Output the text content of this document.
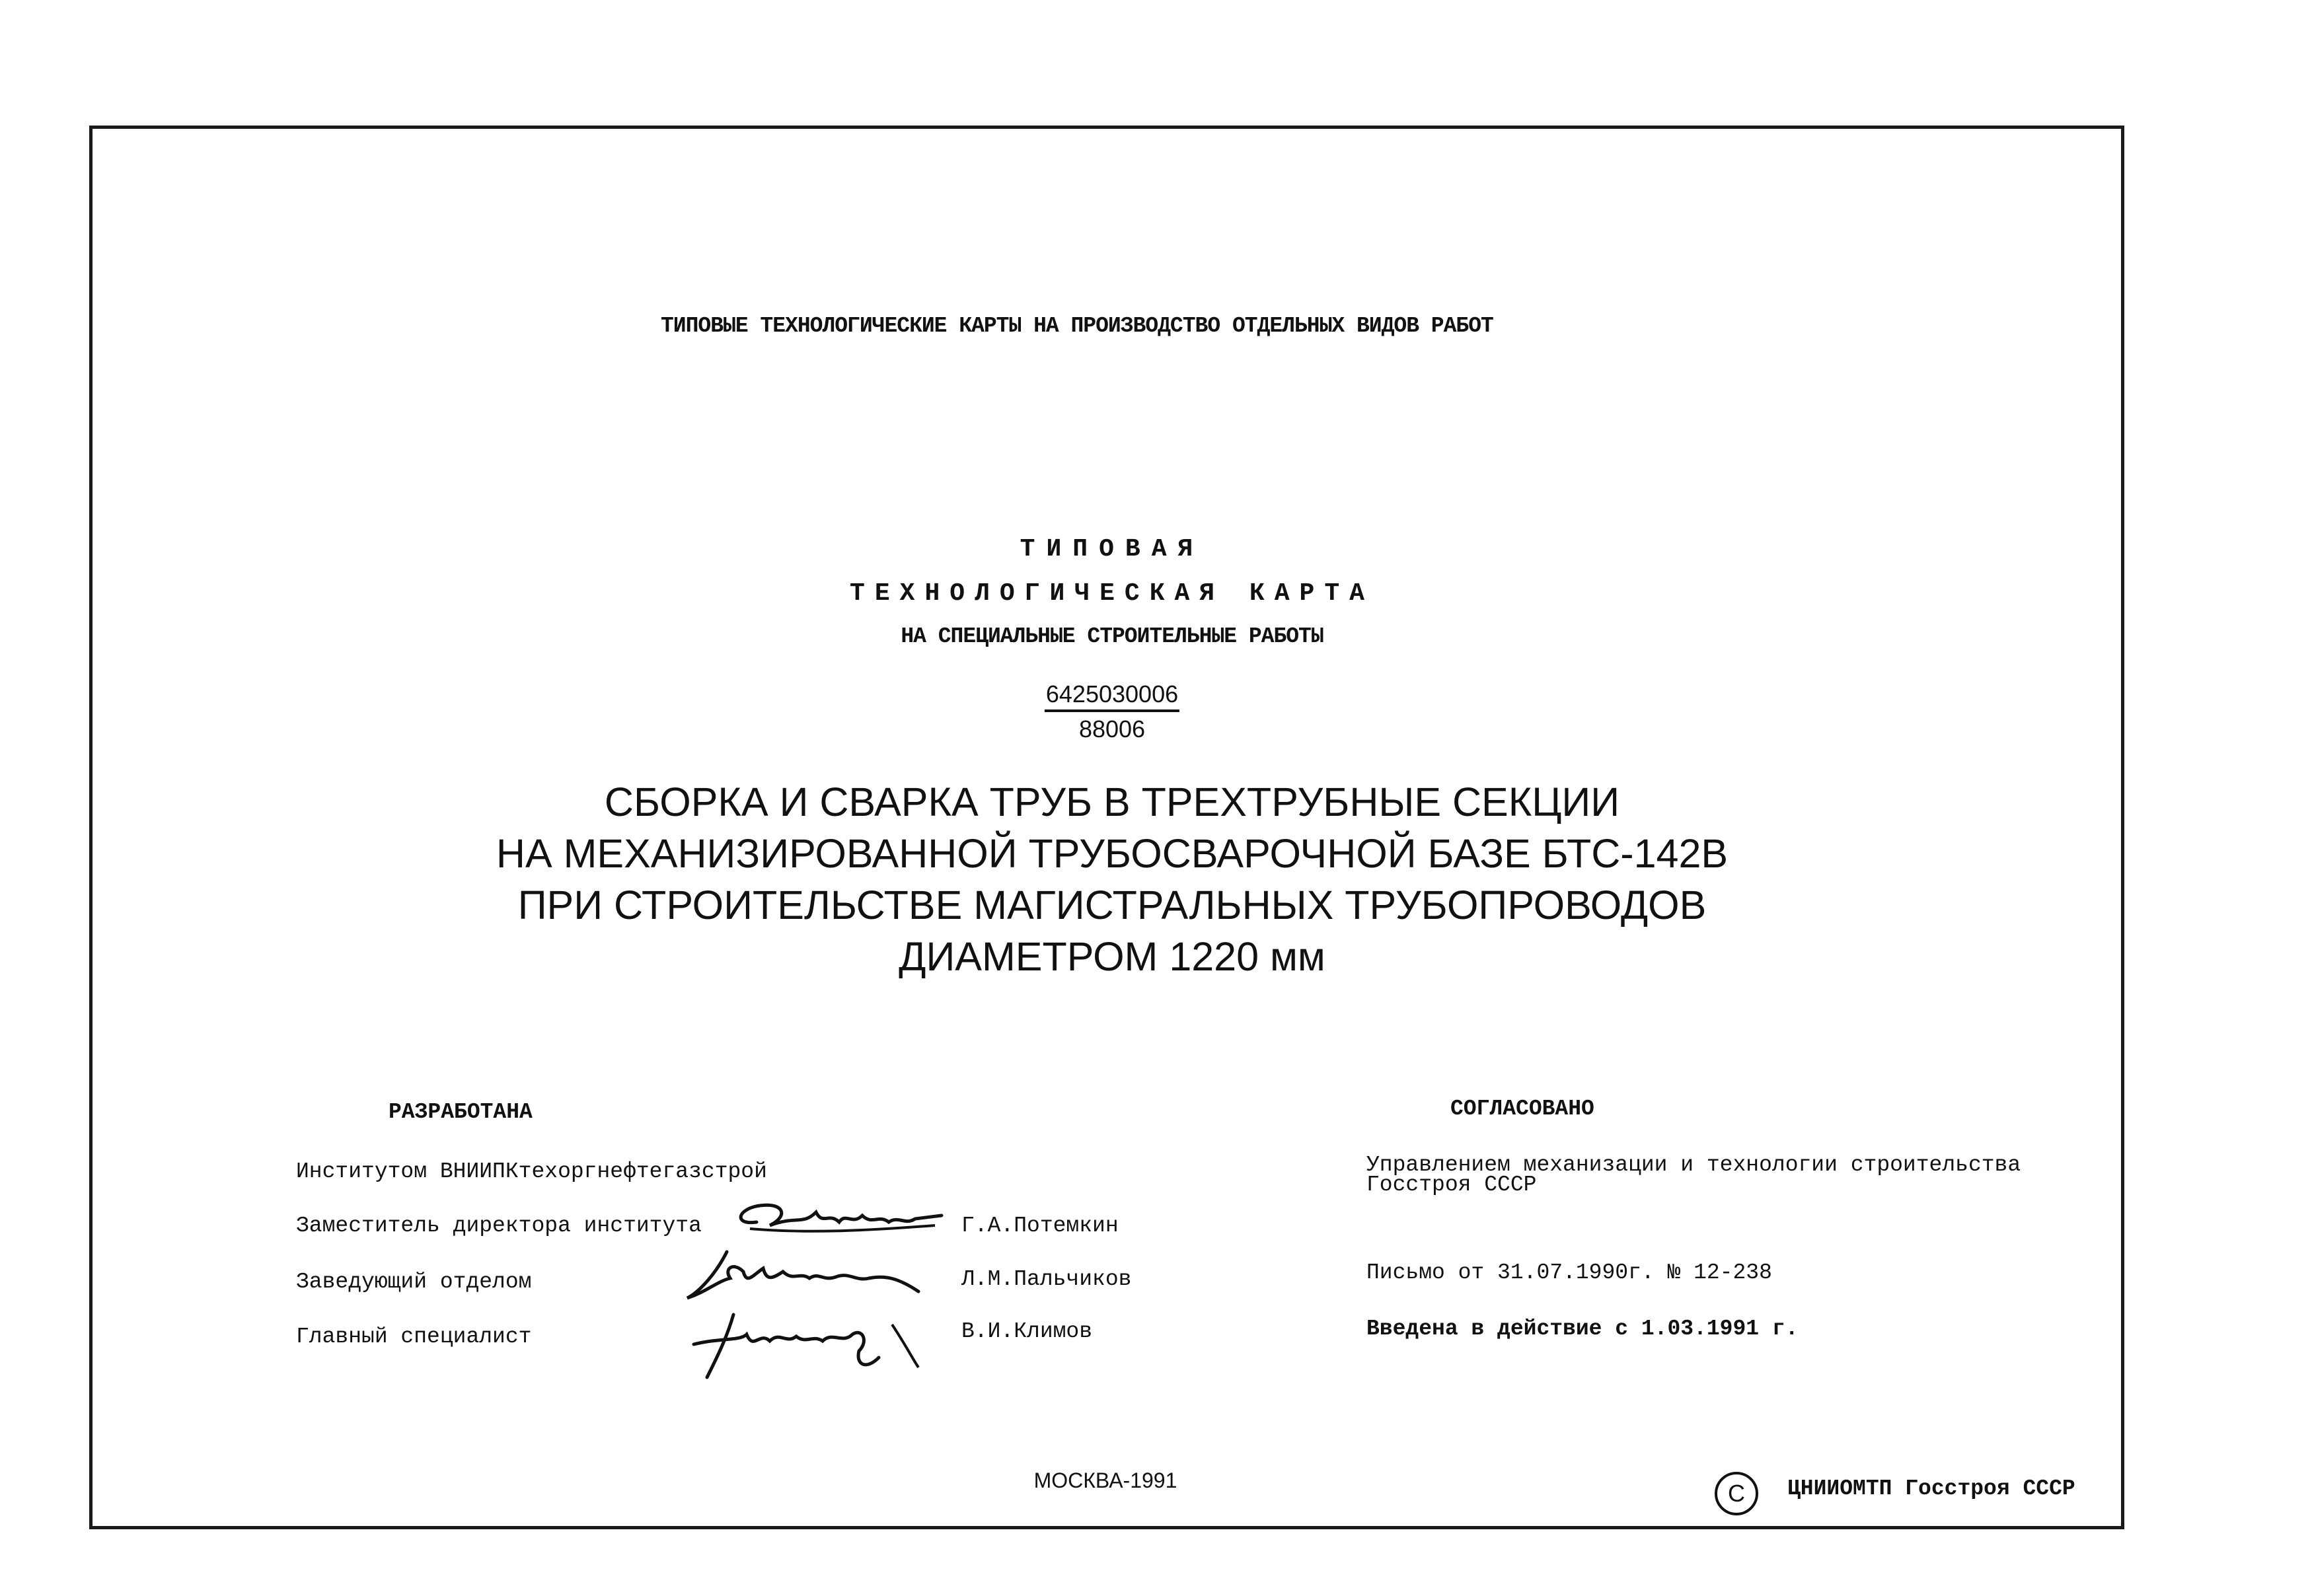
ТИПОВЫЕ ТЕХНОЛОГИЧЕСКИЕ КАРТЫ НА ПРОИЗВОДСТВО ОТДЕЛЬНЫХ ВИДОВ РАБОТ
ТИПОВАЯ
ТЕХНОЛОГИЧЕСКАЯ КАРТА
НА СПЕЦИАЛЬНЫЕ СТРОИТЕЛЬНЫЕ РАБОТЫ
6425030006
88006
СБОРКА И СВАРКА ТРУБ В ТРЕХТРУБНЫЕ СЕКЦИИ
НА МЕХАНИЗИРОВАННОЙ ТРУБОСВАРОЧНОЙ БАЗЕ БТС-142В
ПРИ СТРОИТЕЛЬСТВЕ МАГИСТРАЛЬНЫХ ТРУБОПРОВОДОВ
ДИАМЕТРОМ 1220 мм
РАЗРАБОТАНА
Институтом ВНИИПКтехоргнефтегазстрой
Заместитель директора института	Г.А.Потемкин
Заведующий отделом	Л.М.Пальчиков
Главный специалист	В.И.Климов
СОГЛАСОВАНО
Управлением механизации и технологии строительства
Госстроя СССР
Письмо от 31.07.1990г. № 12-238
Введена в действие с 1.03.1991 г.
МОСКВА-1991	C	ЦНИИОМТП Госстроя СССР
